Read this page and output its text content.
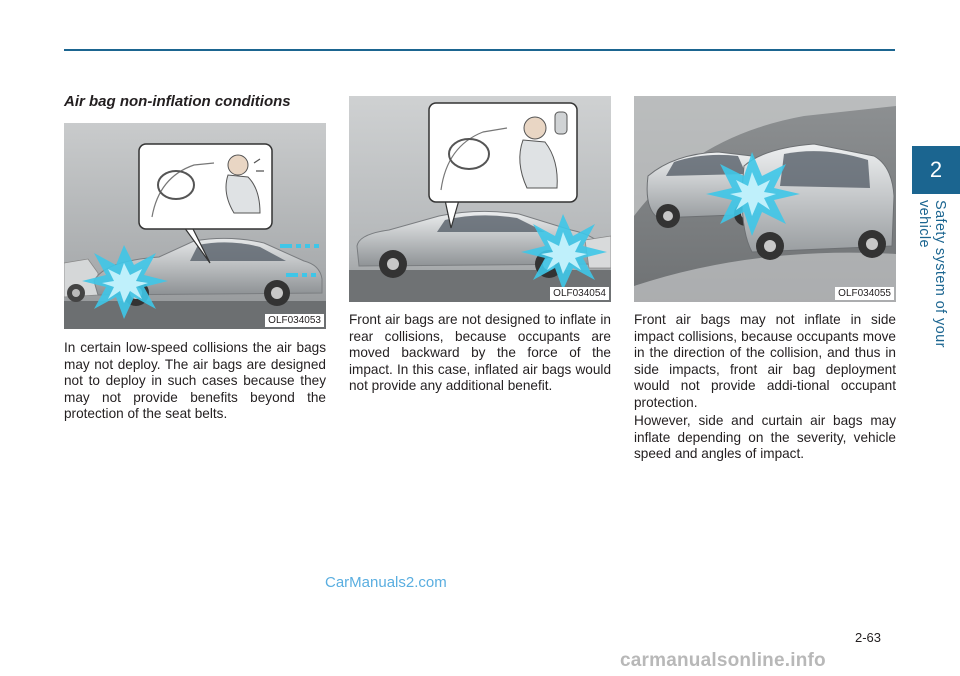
2
Safety system of your vehicle
Air bag non-inflation conditions
OLF034053
OLF034054	OLF034055

In certain low-speed collisions the air bags may not deploy. The air bags are designed not to deploy in such cases because they may not provide benefits beyond the protection of the seat belts.

Front air bags are not designed to inflate in rear collisions, because occupants are moved backward by the force of the impact. In this case, inflated air bags would not provide any additional benefit.

Front air bags may not inflate in side impact collisions, because occupants move in the direction of the collision, and thus in side impacts, front air bag deployment would not provide addi-tional occupant protection.

However, side and curtain air bags may inflate depending on the severity, vehicle speed and angles of impact.

CarManuals2.com
2-63
carmanualsonline.info
